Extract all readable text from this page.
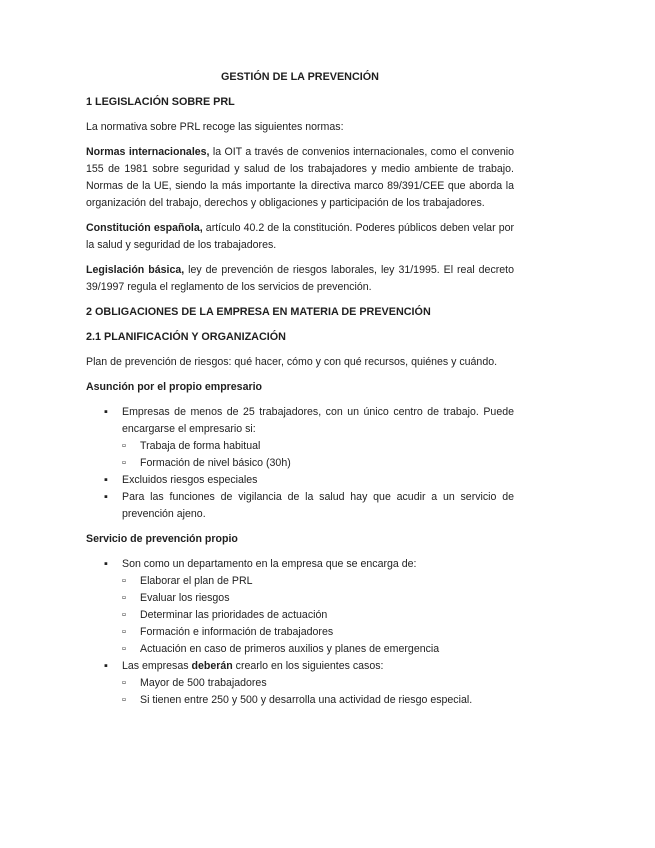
GESTIÓN DE LA PREVENCIÓN
1 LEGISLACIÓN SOBRE PRL
La normativa sobre PRL recoge las siguientes normas:
Normas internacionales, la OIT a través de convenios internacionales, como el convenio 155 de 1981 sobre seguridad y salud de los trabajadores y medio ambiente de trabajo. Normas de la UE, siendo la más importante la directiva marco 89/391/CEE que aborda la organización del trabajo, derechos y obligaciones y participación de los trabajadores.
Constitución española, artículo 40.2 de la constitución. Poderes públicos deben velar por la salud y seguridad de los trabajadores.
Legislación básica, ley de prevención de riesgos laborales, ley 31/1995. El real decreto 39/1997 regula el reglamento de los servicios de prevención.
2 OBLIGACIONES DE LA EMPRESA EN MATERIA DE PREVENCIÓN
2.1 PLANIFICACIÓN Y ORGANIZACIÓN
Plan de prevención de riesgos: qué hacer, cómo y con qué recursos, quiénes y cuándo.
Asunción por el propio empresario
▪ Empresas de menos de 25 trabajadores, con un único centro de trabajo. Puede encargarse el empresario si:
▫ Trabaja de forma habitual
▫ Formación de nivel básico (30h)
▪ Excluidos riesgos especiales
▪ Para las funciones de vigilancia de la salud hay que acudir a un servicio de prevención ajeno.
Servicio de prevención propio
▪ Son como un departamento en la empresa que se encarga de:
▫ Elaborar el plan de PRL
▫ Evaluar los riesgos
▫ Determinar las prioridades de actuación
▫ Formación e información de trabajadores
▫ Actuación en caso de primeros auxilios y planes de emergencia
▪ Las empresas deberán crearlo en los siguientes casos:
▫ Mayor de 500 trabajadores
▫ Si tienen entre 250 y 500 y desarrolla una actividad de riesgo especial.
